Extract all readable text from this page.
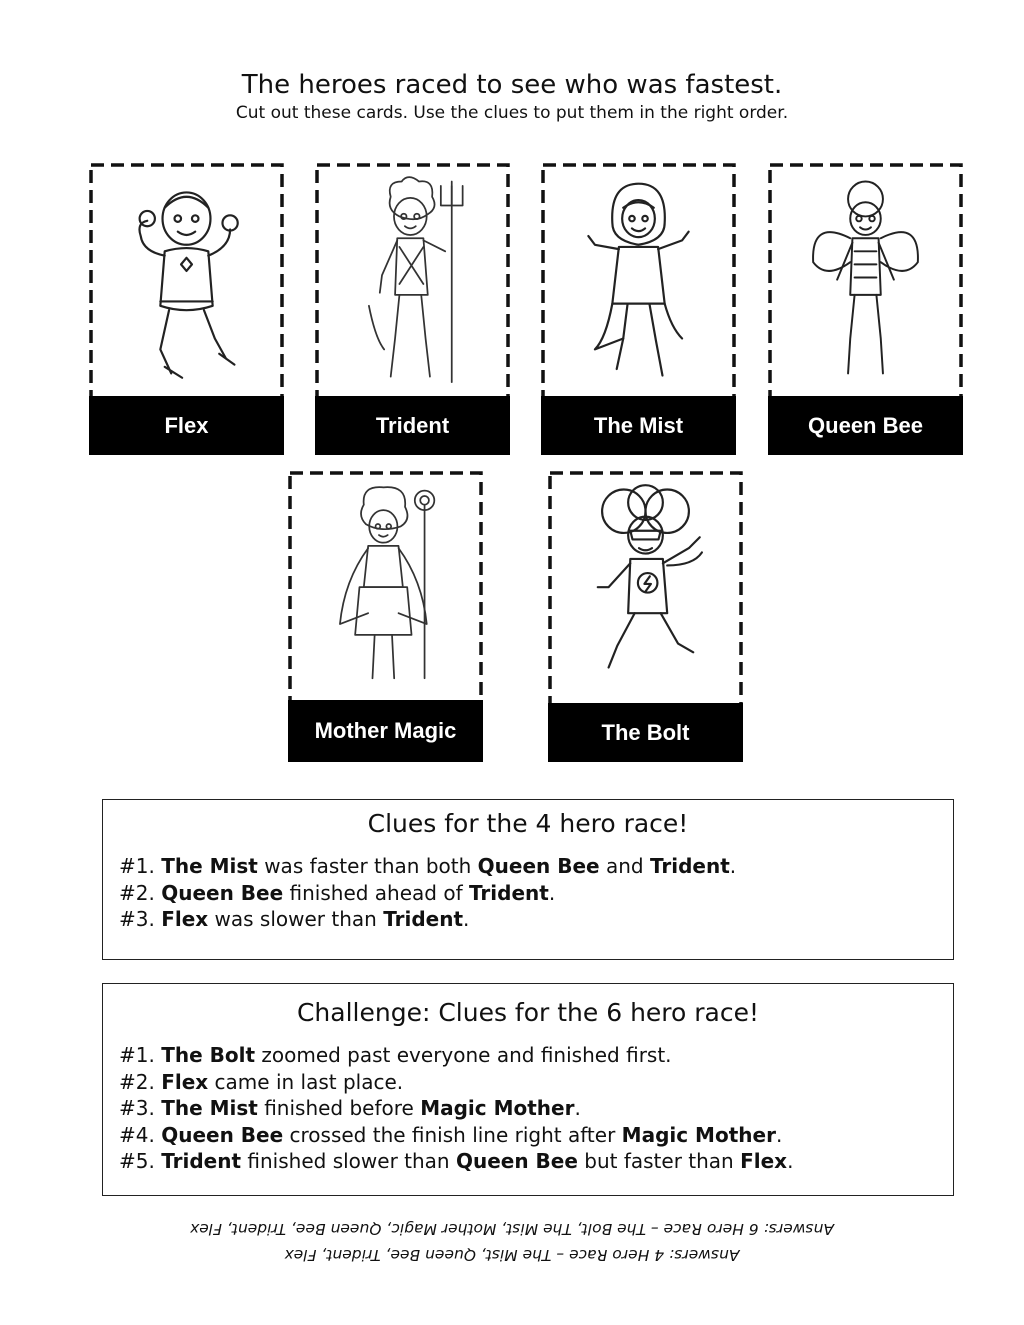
The heroes raced to see who was fastest.
Cut out these cards. Use the clues to put them in the right order.
Flex	Trident	The Mist	Queen Bee
Mother Magic	The Bolt
Clues for the 4 hero race!
#1. The Mist was faster than both Queen Bee and Trident.
#2. Queen Bee finished ahead of Trident.
#3. Flex was slower than Trident.
Challenge: Clues for the 6 hero race!
#1. The Bolt zoomed past everyone and finished first.
#2. Flex came in last place.
#3. The Mist finished before Magic Mother.
#4. Queen Bee crossed the finish line right after Magic Mother.
#5. Trident finished slower than Queen Bee but faster than Flex.
Answers: 6 Hero Race – The Bolt, The Mist, Mother Magic, Queen Bee, Trident, Flex
Answers: 4 Hero Race – The Mist, Queen Bee, Trident, Flex
